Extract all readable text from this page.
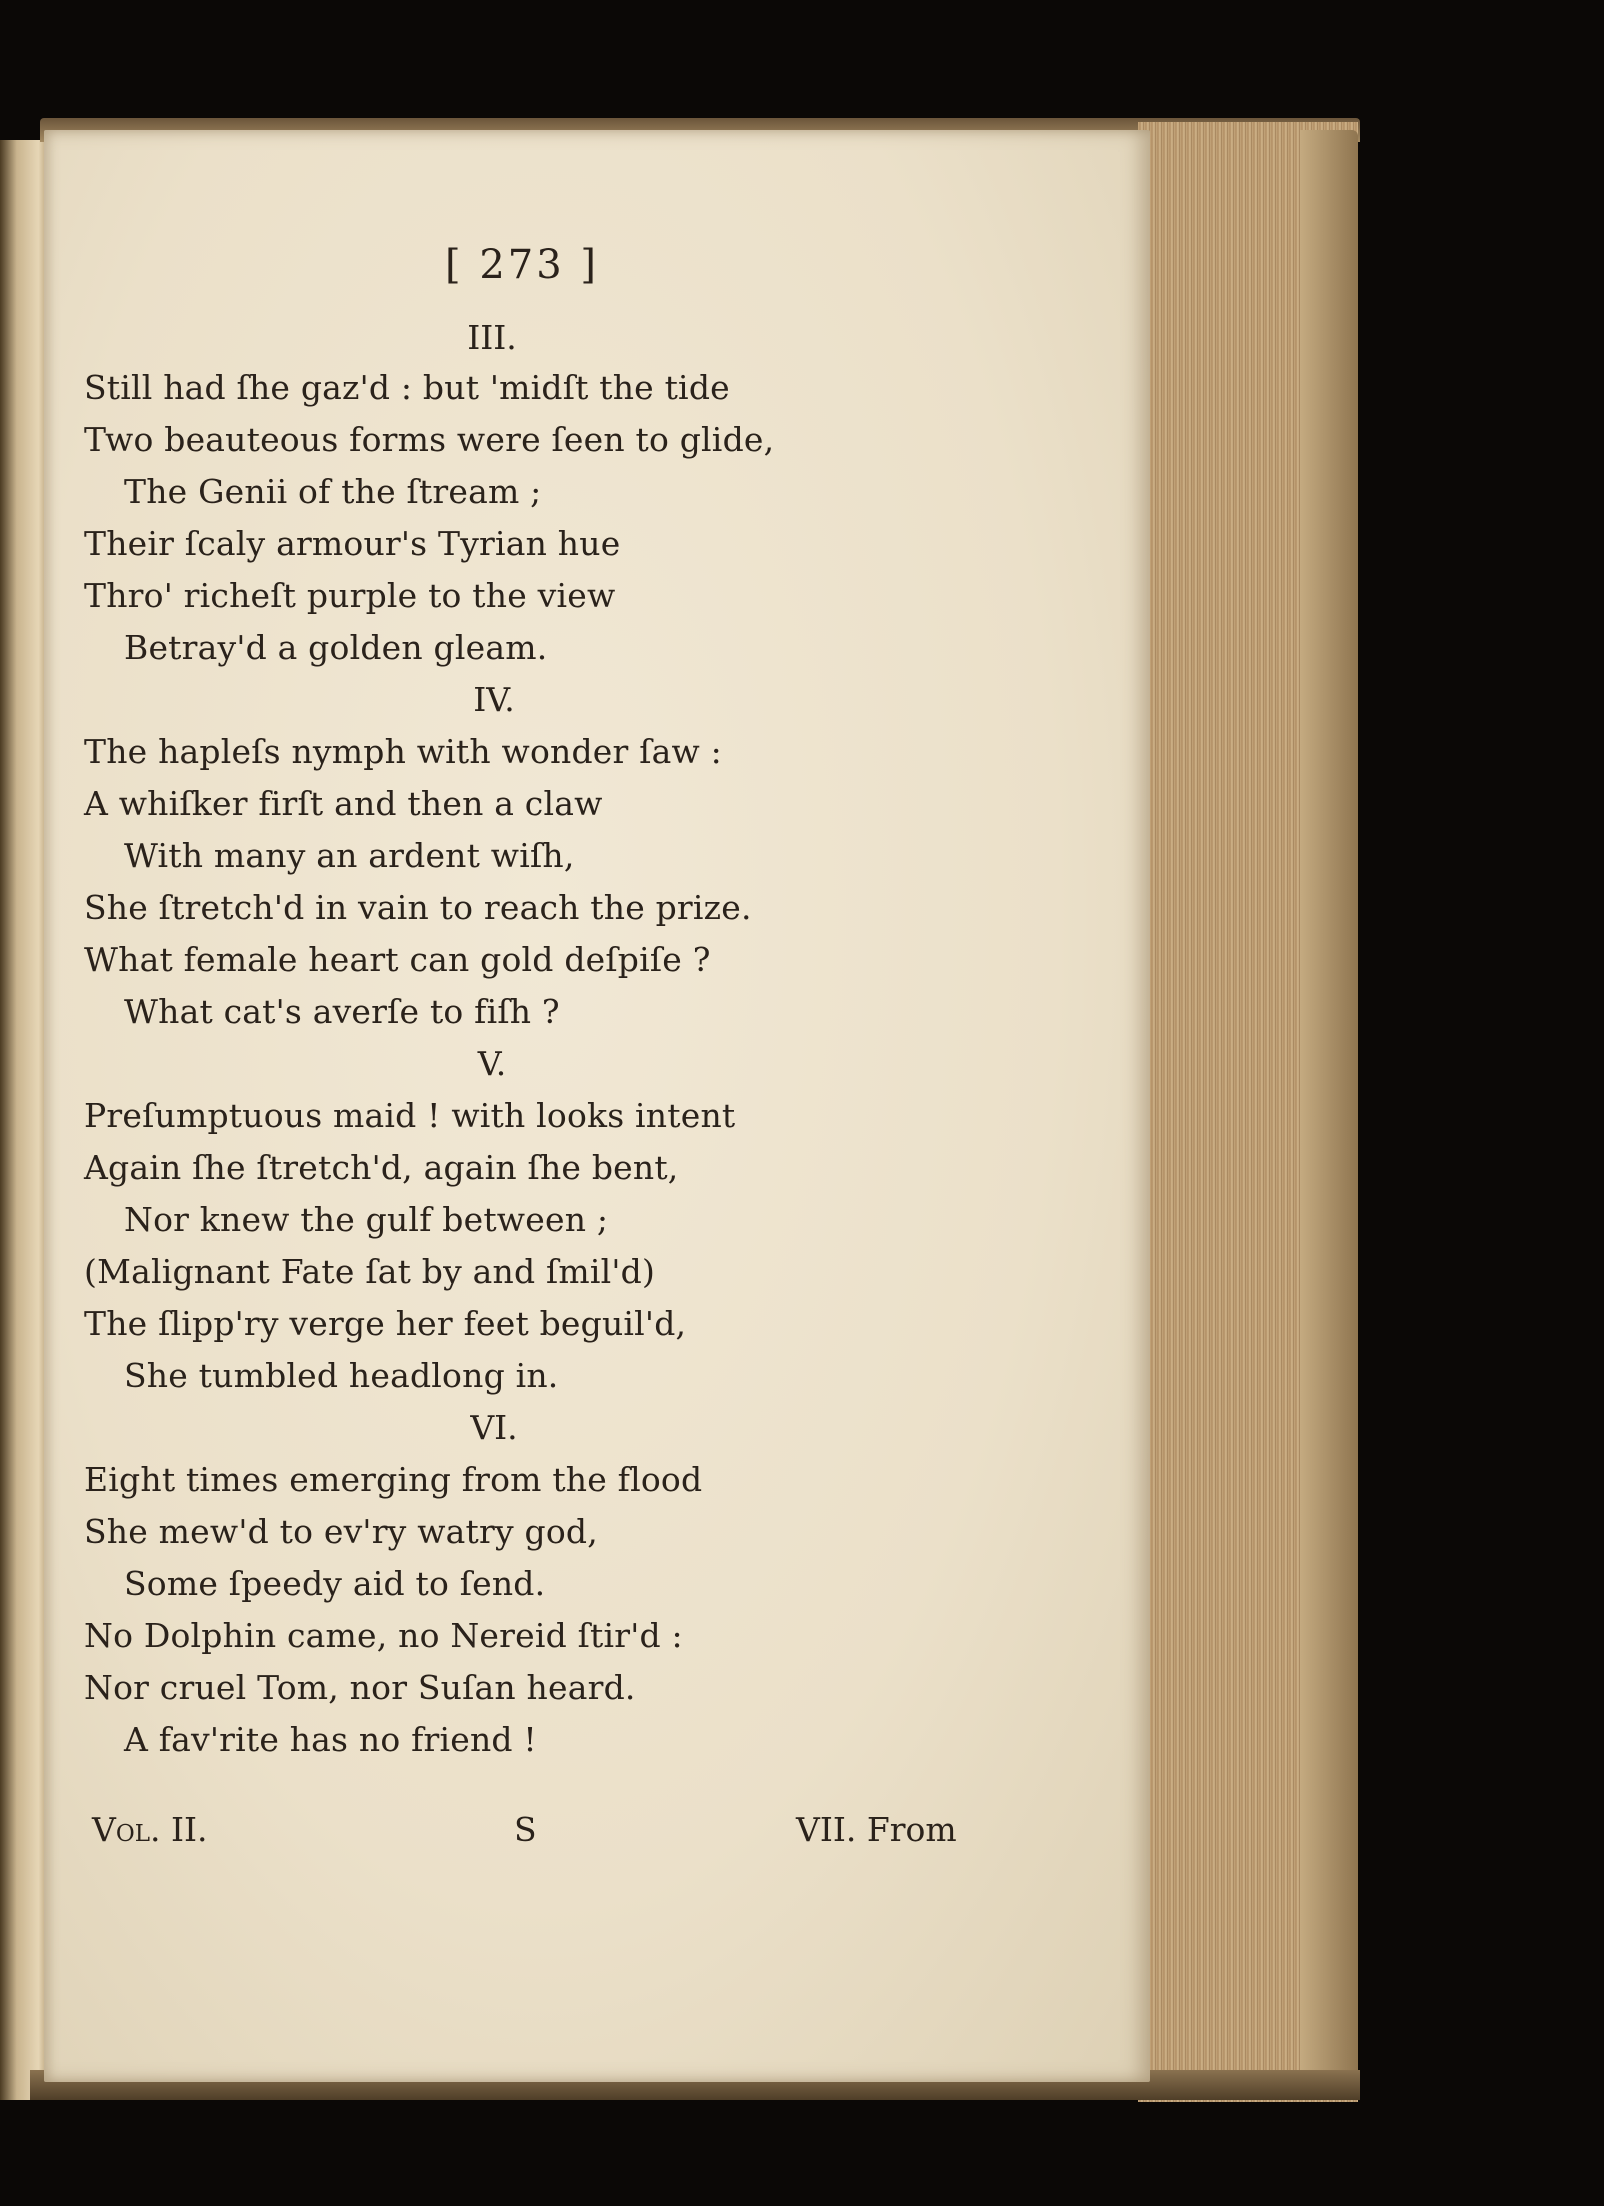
[ 273 ]
III.
Still had ſhe gaz'd : but 'midſt the tide
Two beauteous forms were ſeen to glide,
The Genii of the ſtream ;
Their ſcaly armour's Tyrian hue
Thro' richeſt purple to the view
Betray'd a golden gleam.
IV.
The hapleſs nymph with wonder ſaw :
A whiſker firſt and then a claw
With many an ardent wiſh,
She ſtretch'd in vain to reach the prize.
What female heart can gold deſpiſe ?
What cat's averſe to fiſh ?
V.
Preſumptuous maid ! with looks intent
Again ſhe ſtretch'd, again ſhe bent,
Nor knew the gulf between ;
(Malignant Fate ſat by and ſmil'd)
The ſlipp'ry verge her feet beguil'd,
She tumbled headlong in.
VI.
Eight times emerging from the flood
She mew'd to ev'ry watry god,
Some ſpeedy aid to ſend.
No Dolphin came, no Nereid ſtir'd :
Nor cruel Tom, nor Suſan heard.
A fav'rite has no friend !
Vol. II.	S	VII. From
